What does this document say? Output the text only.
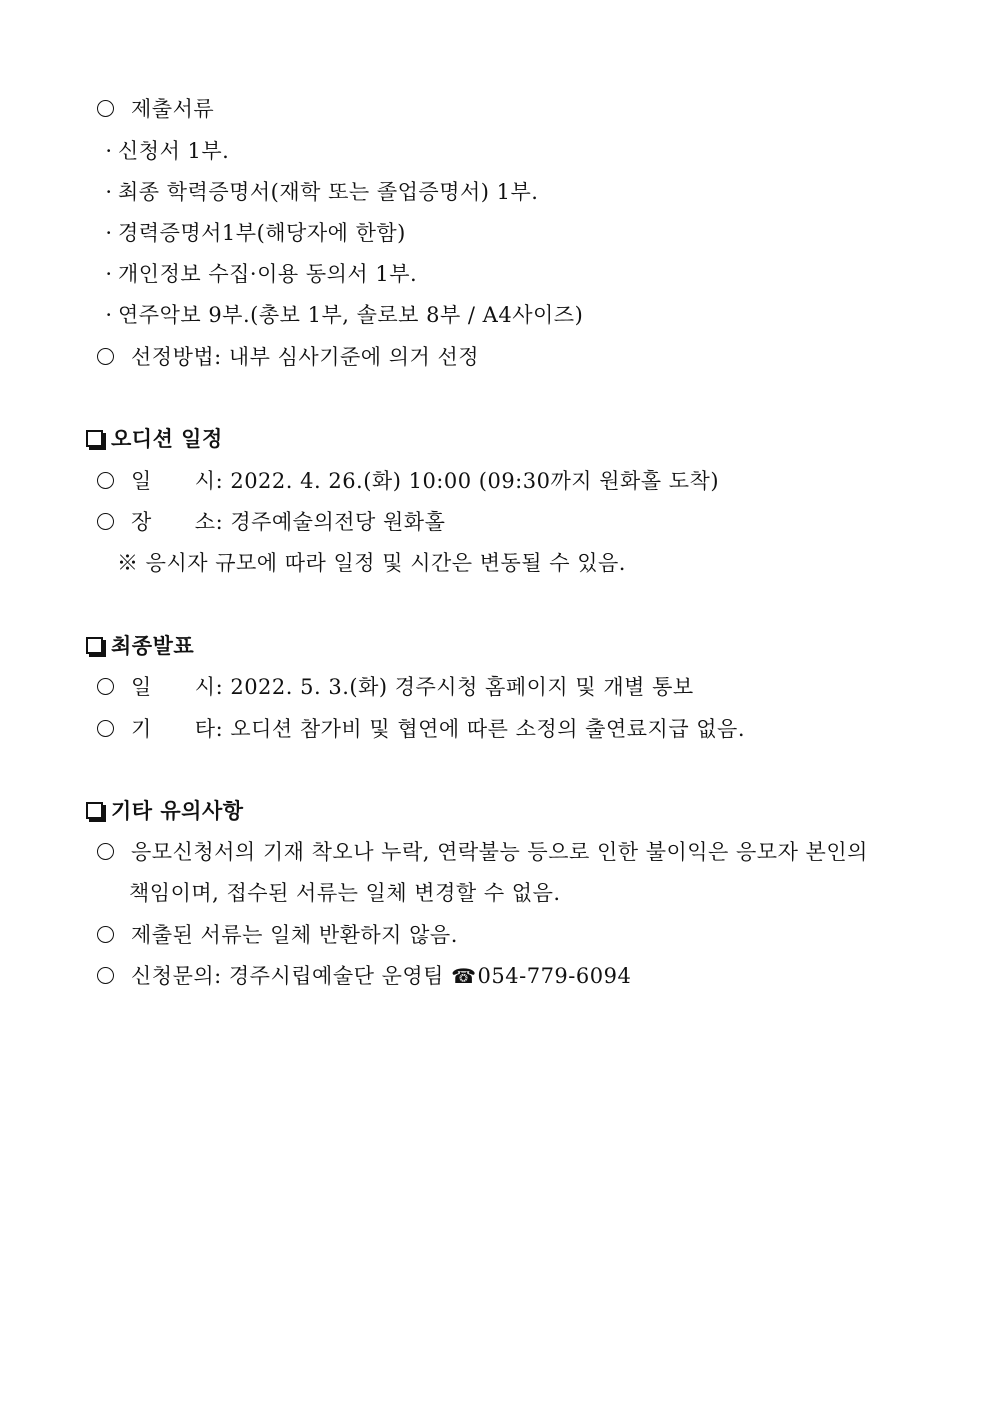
제출서류
· 신청서 1부.
· 최종 학력증명서(재학 또는 졸업증명서) 1부.
· 경력증명서1부(해당자에 한함)
· 개인정보 수집·이용 동의서 1부.
· 연주악보 9부.(총보 1부, 솔로보 8부 / A4사이즈)
선정방법: 내부 심사기준에 의거 선정
오디션 일정
일　　시: 2022. 4. 26.(화) 10:00 (09:30까지 원화홀 도착)
장　　소: 경주예술의전당 원화홀
※ 응시자 규모에 따라 일정 및 시간은 변동될 수 있음.
최종발표
일　　시: 2022. 5. 3.(화) 경주시청 홈페이지 및 개별 통보
기　　타: 오디션 참가비 및 협연에 따른 소정의 출연료지급 없음.
기타 유의사항
응모신청서의 기재 착오나 누락, 연락불능 등으로 인한 불이익은 응모자 본인의
책임이며, 접수된 서류는 일체 변경할 수 없음.
제출된 서류는 일체 반환하지 않음.
신청문의: 경주시립예술단 운영팀 ☎054-779-6094
